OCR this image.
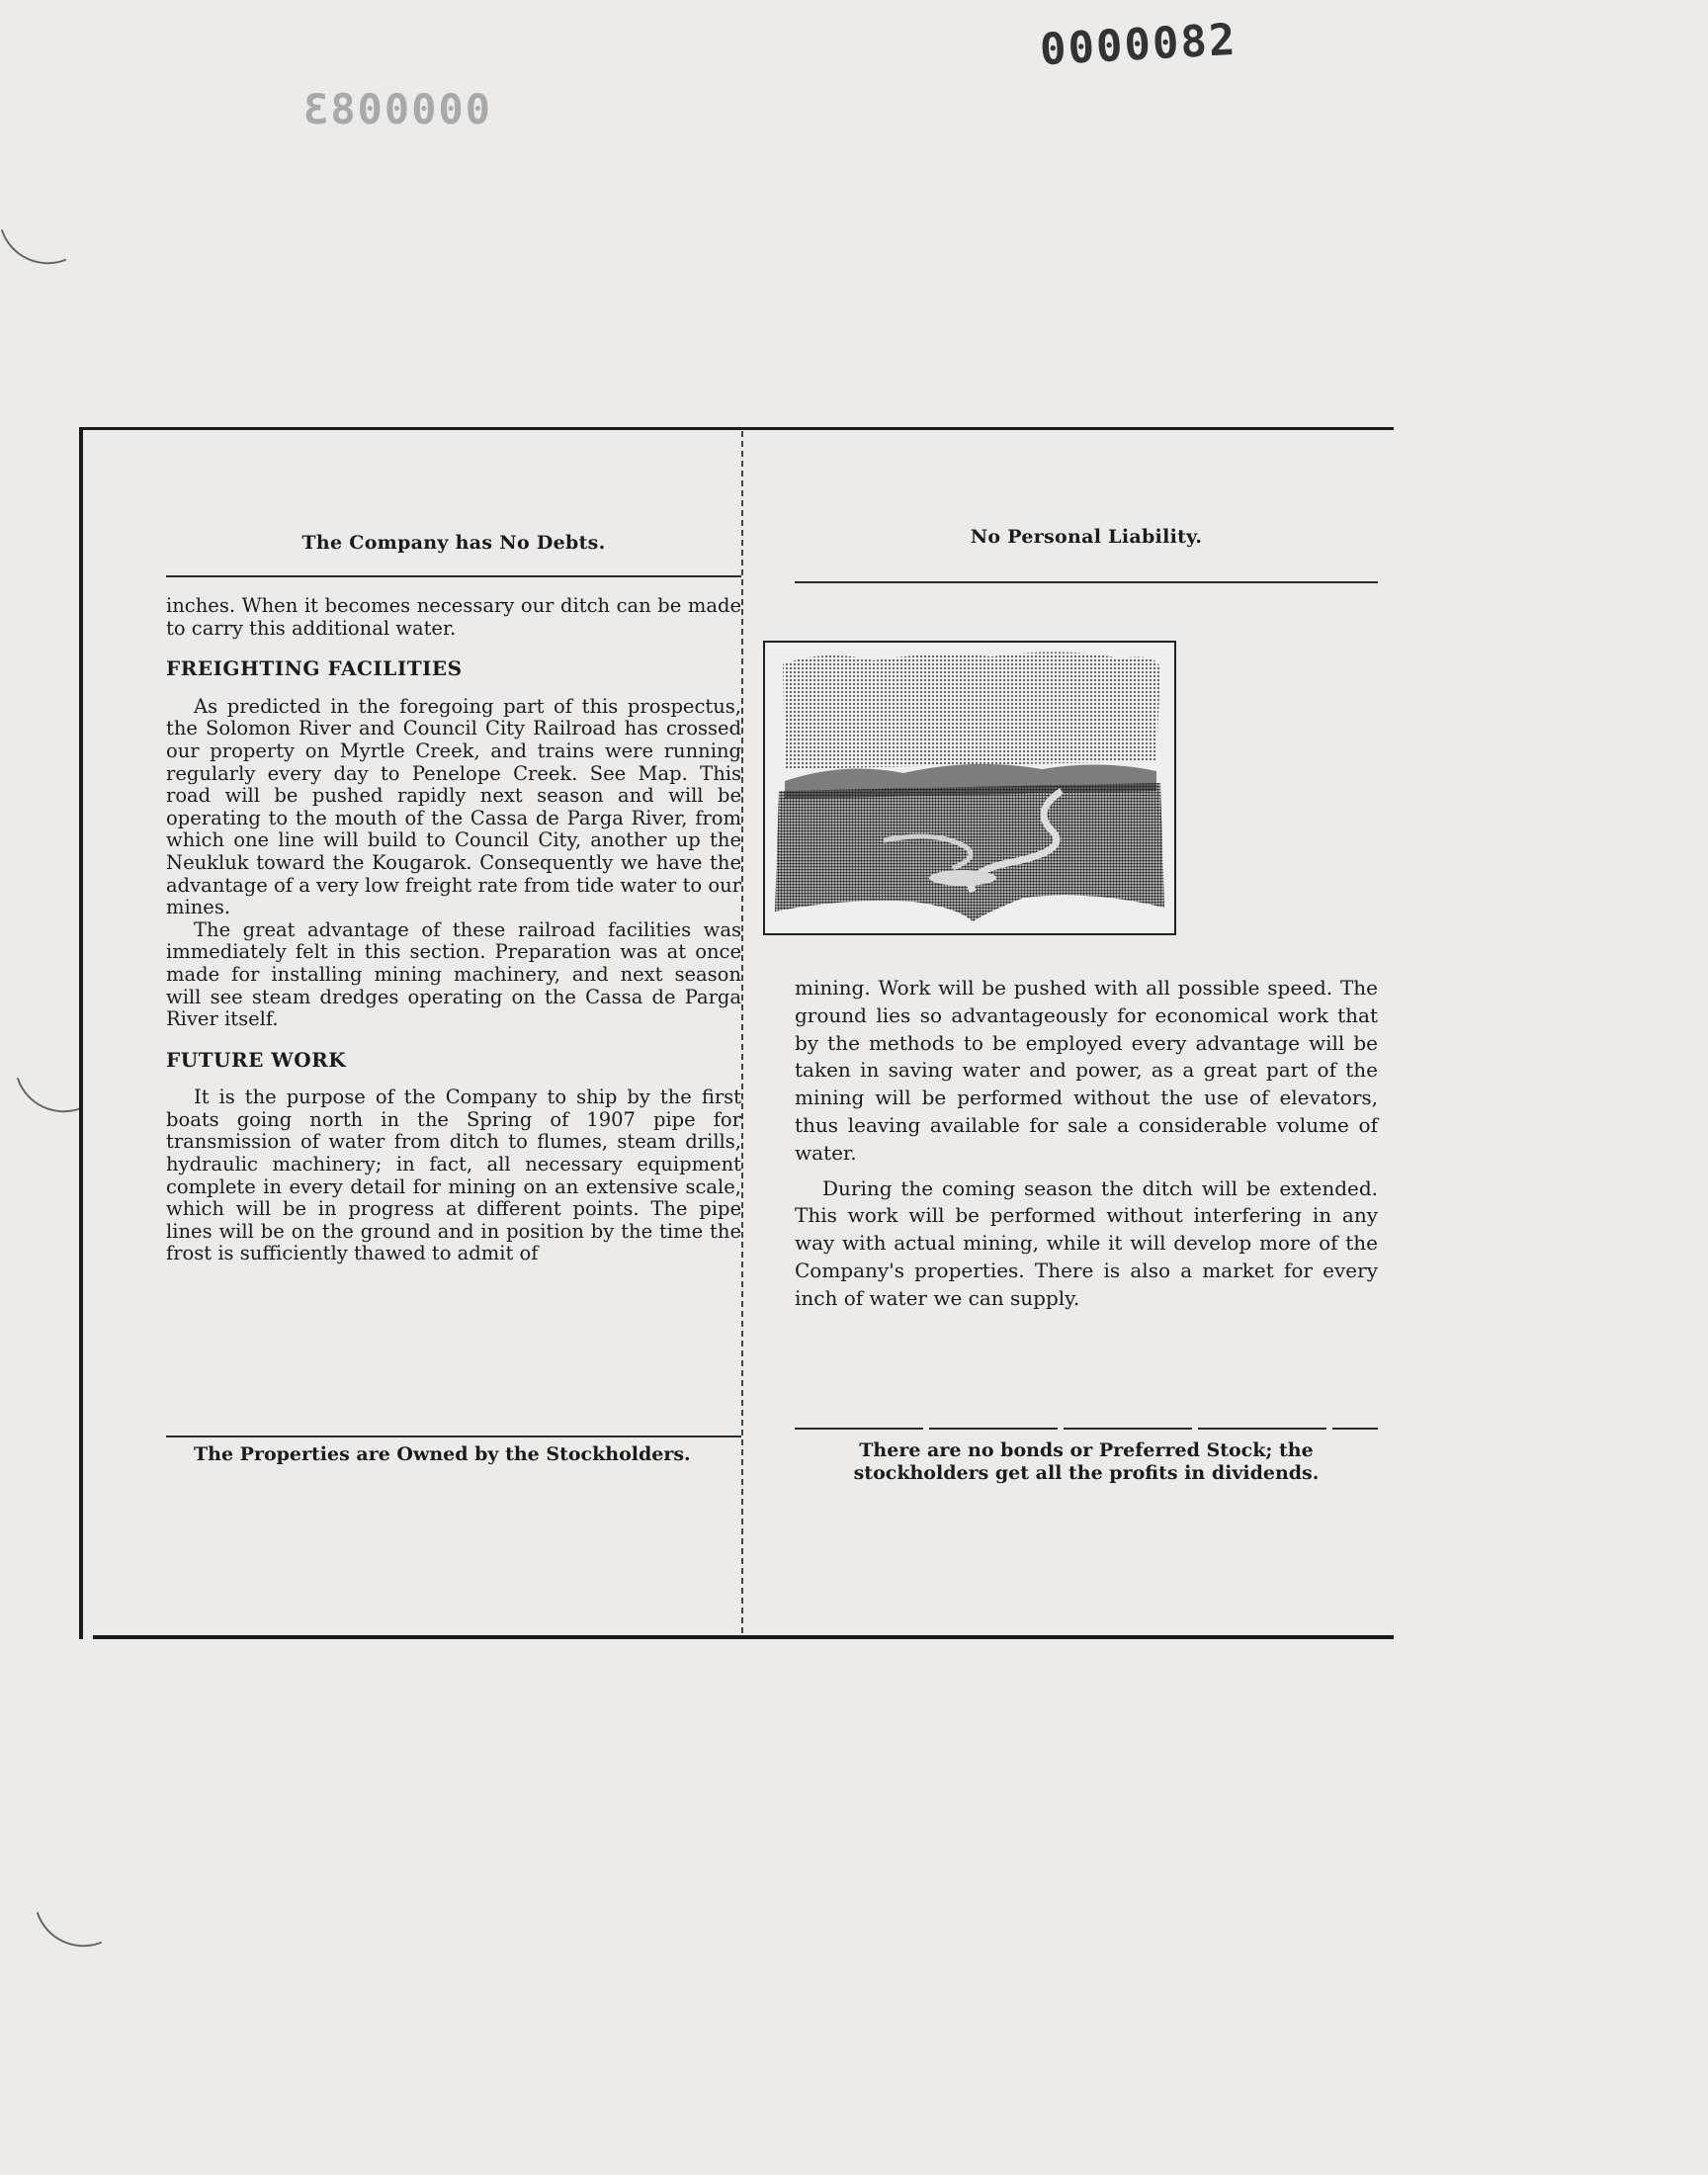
0000082
0000083
The Company has No Debts.

inches. When it becomes necessary our ditch can be made to carry this additional water.

FREIGHTING FACILITIES

As predicted in the foregoing part of this prospectus, the Solomon River and Council City Railroad has crossed our property on Myrtle Creek, and trains were running regularly every day to Penelope Creek. See Map. This road will be pushed rapidly next season and will be operating to the mouth of the Cassa de Parga River, from which one line will build to Council City, another up the Neukluk toward the Kougarok. Consequently we have the advantage of a very low freight rate from tide water to our mines.

The great advantage of these railroad facilities was immediately felt in this section. Preparation was at once made for installing mining machinery, and next season will see steam dredges operating on the Cassa de Parga River itself.

FUTURE WORK

It is the purpose of the Company to ship by the first boats going north in the Spring of 1907 pipe for transmission of water from ditch to flumes, steam drills, hydraulic machinery; in fact, all necessary equipment complete in every detail for mining on an extensive scale, which will be in progress at different points. The pipe lines will be on the ground and in position by the time the frost is sufficiently thawed to admit of

The Properties are Owned by the Stockholders.
No Personal Liability.

mining. Work will be pushed with all possible speed. The ground lies so advantageously for economical work that by the methods to be employed every advantage will be taken in saving water and power, as a great part of the mining will be performed without the use of elevators, thus leaving available for sale a considerable volume of water.

During the coming season the ditch will be extended. This work will be performed without interfering in any way with actual mining, while it will develop more of the Company's properties. There is also a market for every inch of water we can supply.

There are no bonds or Preferred Stock; the stockholders get all the profits in dividends.
